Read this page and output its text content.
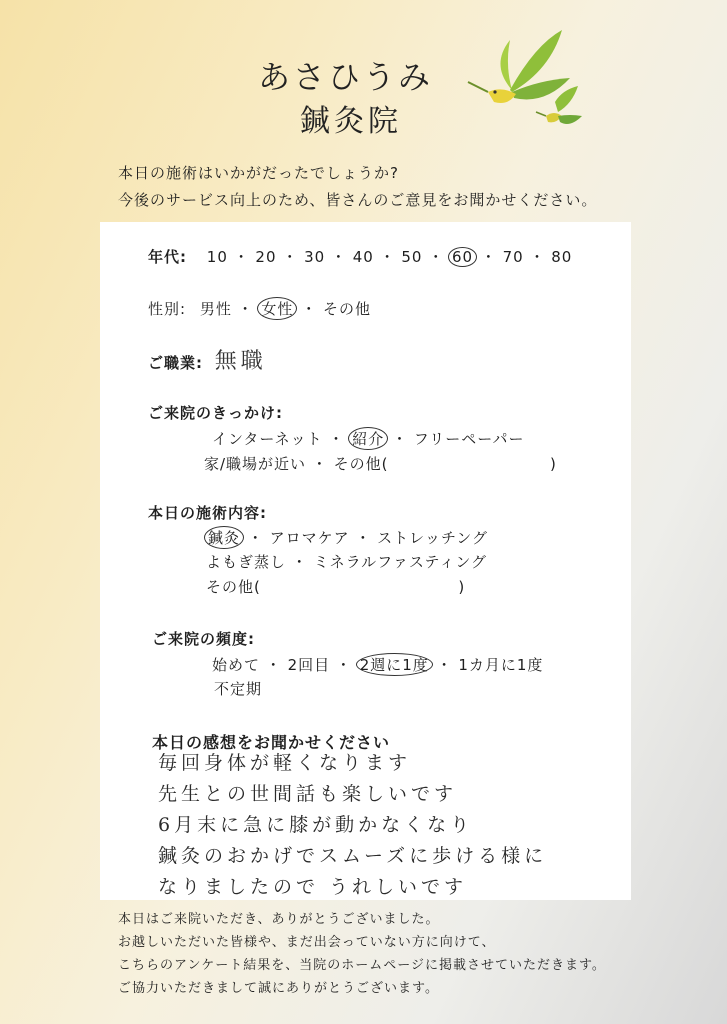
あさひうみ
鍼灸院
本日の施術はいかがだったでしょうか?
今後のサービス向上のため、皆さんのご意見をお聞かせください。
年代: 10 ・ 20 ・ 30 ・ 40 ・ 50 ・ 60 ・ 70 ・ 80
性別: 男性 ・ 女性 ・ その他
ご職業: 無職
ご来院のきっかけ:
インターネット ・ 紹介 ・ フリーペーパー
家/職場が近い ・ その他(	)
本日の施術内容:
鍼灸 ・ アロマケア ・ ストレッチング
よもぎ蒸し ・ ミネラルファスティング
その他(	)
ご来院の頻度:
始めて ・ 2回目 ・ 2週に1度 ・ 1カ月に1度
不定期
本日の感想をお聞かせください
毎回身体が軽くなります
先生との世間話も楽しいです
6月末に急に膝が動かなくなり
鍼灸のおかげでスムーズに歩ける様に
なりましたので うれしいです
本日はご来院いただき、ありがとうございました。
お越しいただいた皆様や、まだ出会っていない方に向けて、
こちらのアンケート結果を、当院のホームページに掲載させていただきます。
ご協力いただきまして誠にありがとうございます。
